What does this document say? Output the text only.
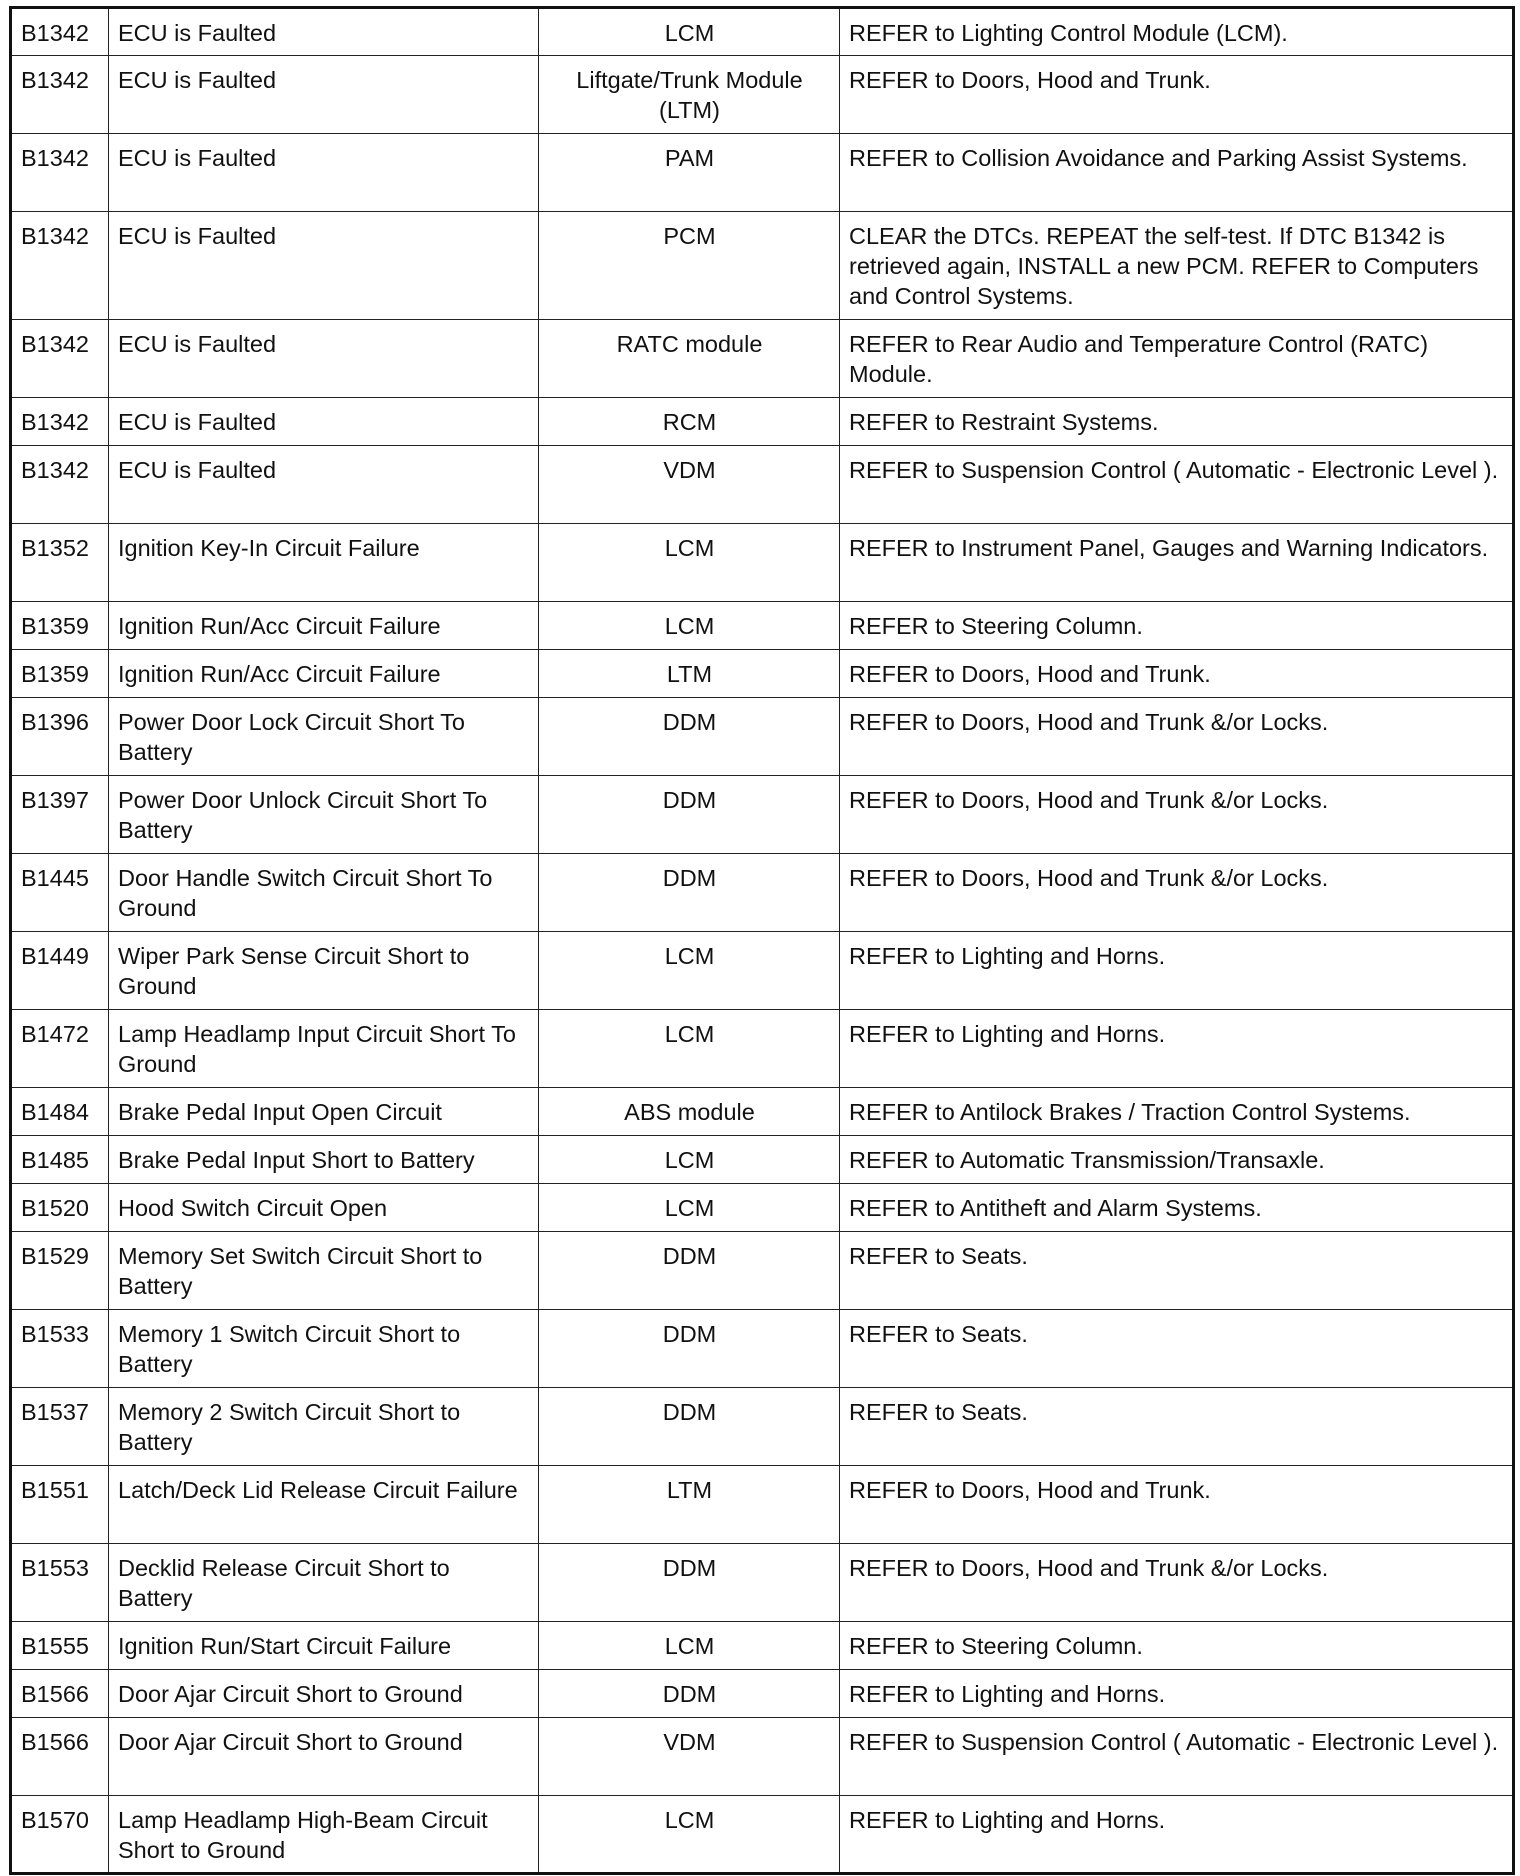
B1342	ECU is Faulted	LCM	REFER to Lighting Control Module (LCM).
B1342	ECU is Faulted	Liftgate/Trunk Module (LTM)	REFER to Doors, Hood and Trunk.
B1342	ECU is Faulted	PAM	REFER to Collision Avoidance and Parking Assist Systems.
B1342	ECU is Faulted	PCM	CLEAR the DTCs. REPEAT the self-test. If DTC B1342 is retrieved again, INSTALL a new PCM. REFER to Computers and Control Systems.
B1342	ECU is Faulted	RATC module	REFER to Rear Audio and Temperature Control (RATC) Module.
B1342	ECU is Faulted	RCM	REFER to Restraint Systems.
B1342	ECU is Faulted	VDM	REFER to Suspension Control ( Automatic - Electronic Level ).
B1352	Ignition Key-In Circuit Failure	LCM	REFER to Instrument Panel, Gauges and Warning Indicators.
B1359	Ignition Run/Acc Circuit Failure	LCM	REFER to Steering Column.
B1359	Ignition Run/Acc Circuit Failure	LTM	REFER to Doors, Hood and Trunk.
B1396	Power Door Lock Circuit Short To Battery	DDM	REFER to Doors, Hood and Trunk &/or Locks.
B1397	Power Door Unlock Circuit Short To Battery	DDM	REFER to Doors, Hood and Trunk &/or Locks.
B1445	Door Handle Switch Circuit Short To Ground	DDM	REFER to Doors, Hood and Trunk &/or Locks.
B1449	Wiper Park Sense Circuit Short to Ground	LCM	REFER to Lighting and Horns.
B1472	Lamp Headlamp Input Circuit Short To Ground	LCM	REFER to Lighting and Horns.
B1484	Brake Pedal Input Open Circuit	ABS module	REFER to Antilock Brakes / Traction Control Systems.
B1485	Brake Pedal Input Short to Battery	LCM	REFER to Automatic Transmission/Transaxle.
B1520	Hood Switch Circuit Open	LCM	REFER to Antitheft and Alarm Systems.
B1529	Memory Set Switch Circuit Short to Battery	DDM	REFER to Seats.
B1533	Memory 1 Switch Circuit Short to Battery	DDM	REFER to Seats.
B1537	Memory 2 Switch Circuit Short to Battery	DDM	REFER to Seats.
B1551	Latch/Deck Lid Release Circuit Failure	LTM	REFER to Doors, Hood and Trunk.
B1553	Decklid Release Circuit Short to Battery	DDM	REFER to Doors, Hood and Trunk &/or Locks.
B1555	Ignition Run/Start Circuit Failure	LCM	REFER to Steering Column.
B1566	Door Ajar Circuit Short to Ground	DDM	REFER to Lighting and Horns.
B1566	Door Ajar Circuit Short to Ground	VDM	REFER to Suspension Control ( Automatic - Electronic Level ).
B1570	Lamp Headlamp High-Beam Circuit Short to Ground	LCM	REFER to Lighting and Horns.
